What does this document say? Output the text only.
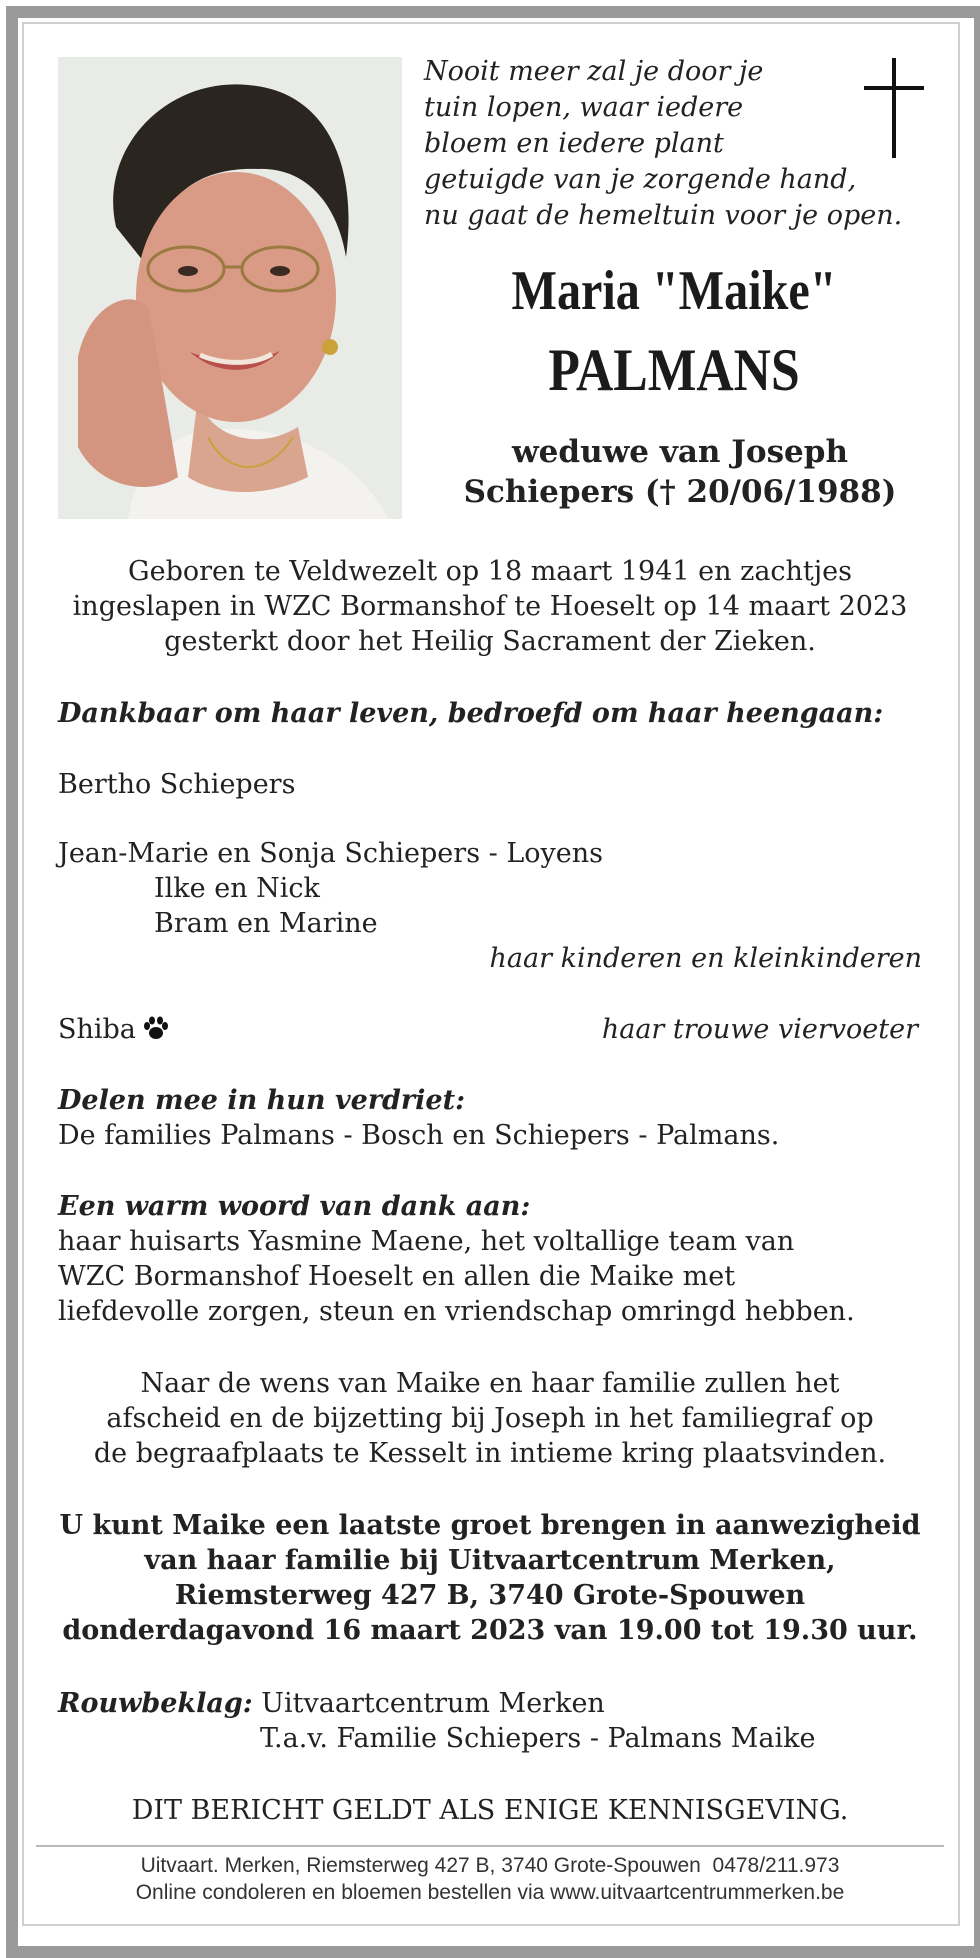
Nooit meer zal je door je
tuin lopen, waar iedere
bloem en iedere plant
getuigde van je zorgende hand,
nu gaat de hemeltuin voor je open.
Maria "Maike"
PALMANS
weduwe van Joseph
Schiepers († 20/06/1988)
Geboren te Veldwezelt op 18 maart 1941 en zachtjes
ingeslapen in WZC Bormanshof te Hoeselt op 14 maart 2023
gesterkt door het Heilig Sacrament der Zieken.
Dankbaar om haar leven, bedroefd om haar heengaan:
Bertho Schiepers
Jean-Marie en Sonja Schiepers - Loyens
Ilke en Nick
Bram en Marine
haar kinderen en kleinkinderen
Shiba	haar trouwe viervoeter
Delen mee in hun verdriet:
De families Palmans - Bosch en Schiepers - Palmans.
Een warm woord van dank aan:
haar huisarts Yasmine Maene, het voltallige team van
WZC Bormanshof Hoeselt en allen die Maike met
liefdevolle zorgen, steun en vriendschap omringd hebben.
Naar de wens van Maike en haar familie zullen het
afscheid en de bijzetting bij Joseph in het familiegraf op
de begraafplaats te Kesselt in intieme kring plaatsvinden.
U kunt Maike een laatste groet brengen in aanwezigheid
van haar familie bij Uitvaartcentrum Merken,
Riemsterweg 427 B, 3740 Grote-Spouwen
donderdagavond 16 maart 2023 van 19.00 tot 19.30 uur.
Rouwbeklag: Uitvaartcentrum Merken
T.a.v. Familie Schiepers - Palmans Maike
DIT BERICHT GELDT ALS ENIGE KENNISGEVING.
Uitvaart. Merken, Riemsterweg 427 B, 3740 Grote-Spouwen  0478/211.973
Online condoleren en bloemen bestellen via www.uitvaartcentrummerken.be
